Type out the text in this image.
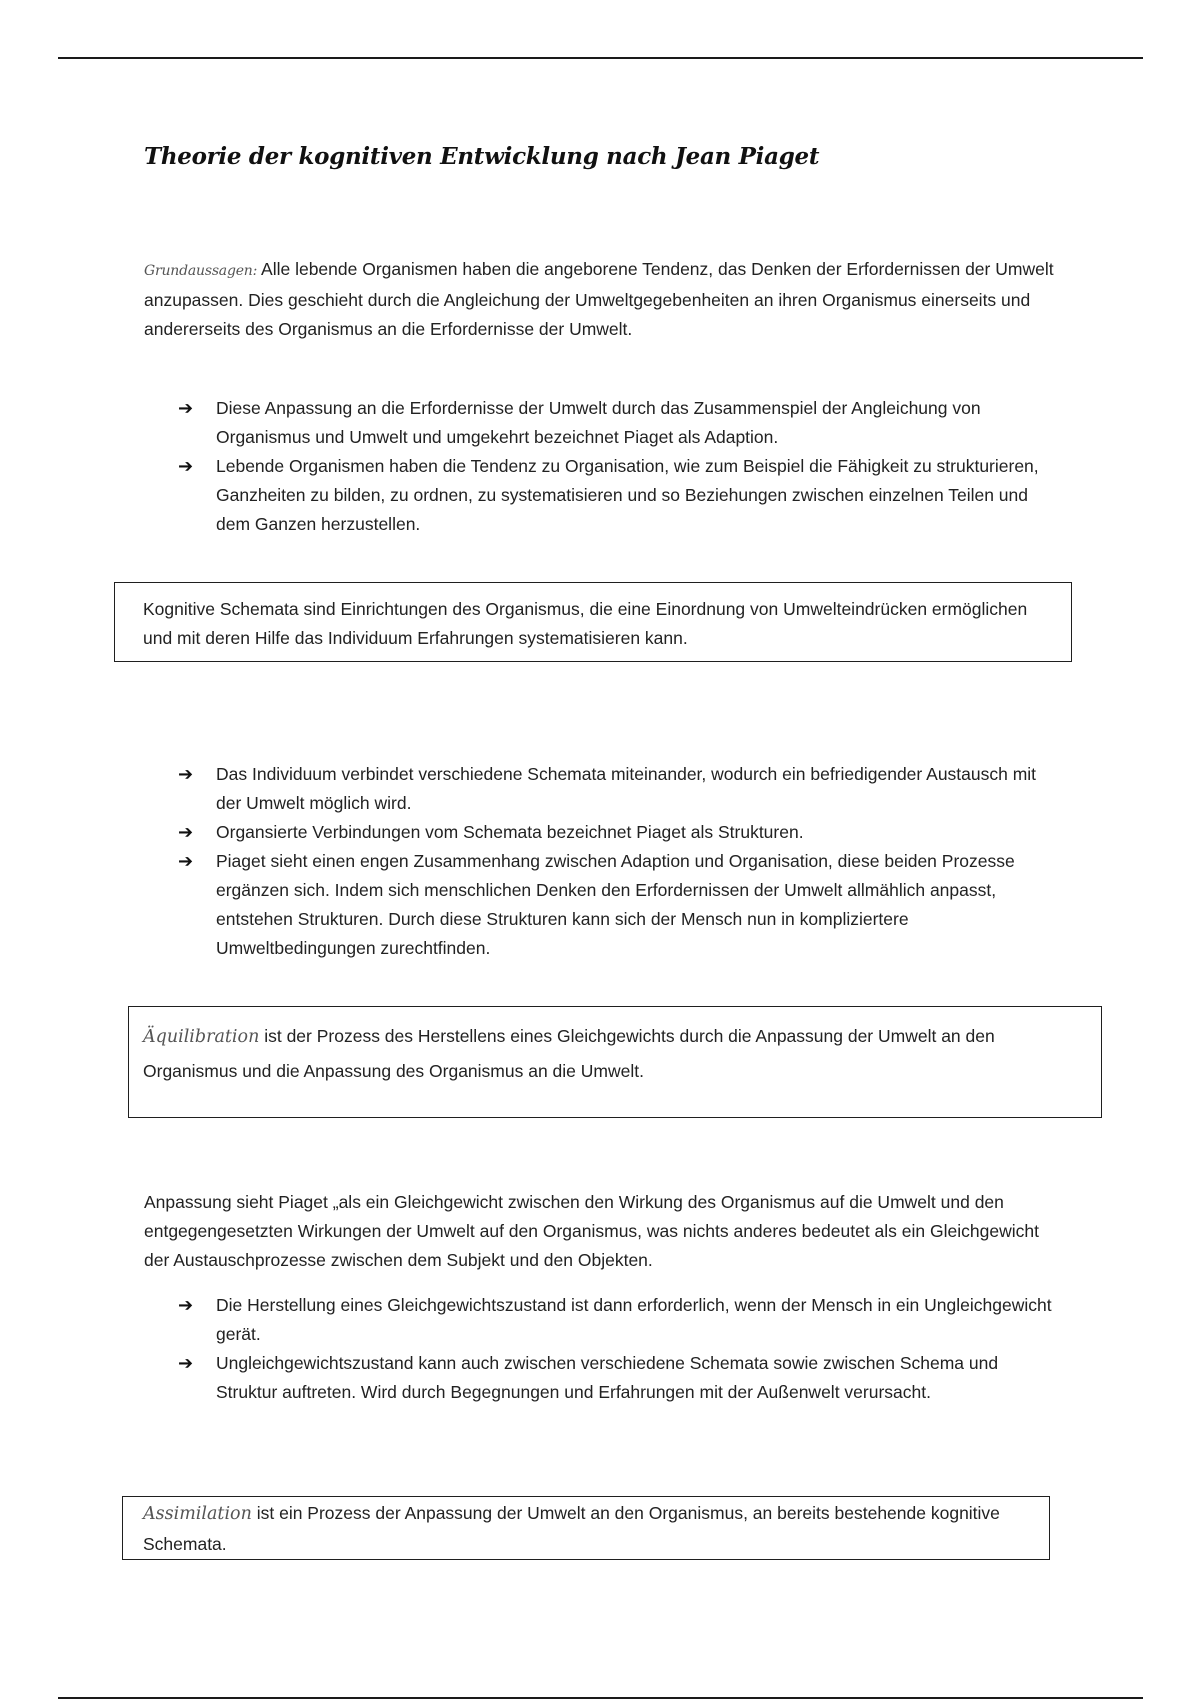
Theorie der kognitiven Entwicklung nach Jean Piaget

Grundaussagen: Alle lebende Organismen haben die angeborene Tendenz, das Denken der Erfordernissen der Umwelt anzupassen. Dies geschieht durch die Angleichung der Umweltgegebenheiten an ihren Organismus einerseits und andererseits des Organismus an die Erfordernisse der Umwelt.

➔ Diese Anpassung an die Erfordernisse der Umwelt durch das Zusammenspiel der Angleichung von Organismus und Umwelt und umgekehrt bezeichnet Piaget als Adaption.
➔ Lebende Organismen haben die Tendenz zu Organisation, wie zum Beispiel die Fähigkeit zu strukturieren, Ganzheiten zu bilden, zu ordnen, zu systematisieren und so Beziehungen zwischen einzelnen Teilen und dem Ganzen herzustellen.

Kognitive Schemata sind Einrichtungen des Organismus, die eine Einordnung von Umwelteindrücken ermöglichen und mit deren Hilfe das Individuum Erfahrungen systematisieren kann.

➔ Das Individuum verbindet verschiedene Schemata miteinander, wodurch ein befriedigender Austausch mit der Umwelt möglich wird.
➔ Organsierte Verbindungen vom Schemata bezeichnet Piaget als Strukturen.
➔ Piaget sieht einen engen Zusammenhang zwischen Adaption und Organisation, diese beiden Prozesse ergänzen sich. Indem sich menschlichen Denken den Erfordernissen der Umwelt allmählich anpasst, entstehen Strukturen. Durch diese Strukturen kann sich der Mensch nun in kompliziertere Umweltbedingungen zurechtfinden.

Äquilibration ist der Prozess des Herstellens eines Gleichgewichts durch die Anpassung der Umwelt an den Organismus und die Anpassung des Organismus an die Umwelt.

Anpassung sieht Piaget „als ein Gleichgewicht zwischen den Wirkung des Organismus auf die Umwelt und den entgegengesetzten Wirkungen der Umwelt auf den Organismus, was nichts anderes bedeutet als ein Gleichgewicht der Austauschprozesse zwischen dem Subjekt und den Objekten.

➔ Die Herstellung eines Gleichgewichtszustand ist dann erforderlich, wenn der Mensch in ein Ungleichgewicht gerät.
➔ Ungleichgewichtszustand kann auch zwischen verschiedene Schemata sowie zwischen Schema und Struktur auftreten. Wird durch Begegnungen und Erfahrungen mit der Außenwelt verursacht.

Assimilation ist ein Prozess der Anpassung der Umwelt an den Organismus, an bereits bestehende kognitive Schemata.
